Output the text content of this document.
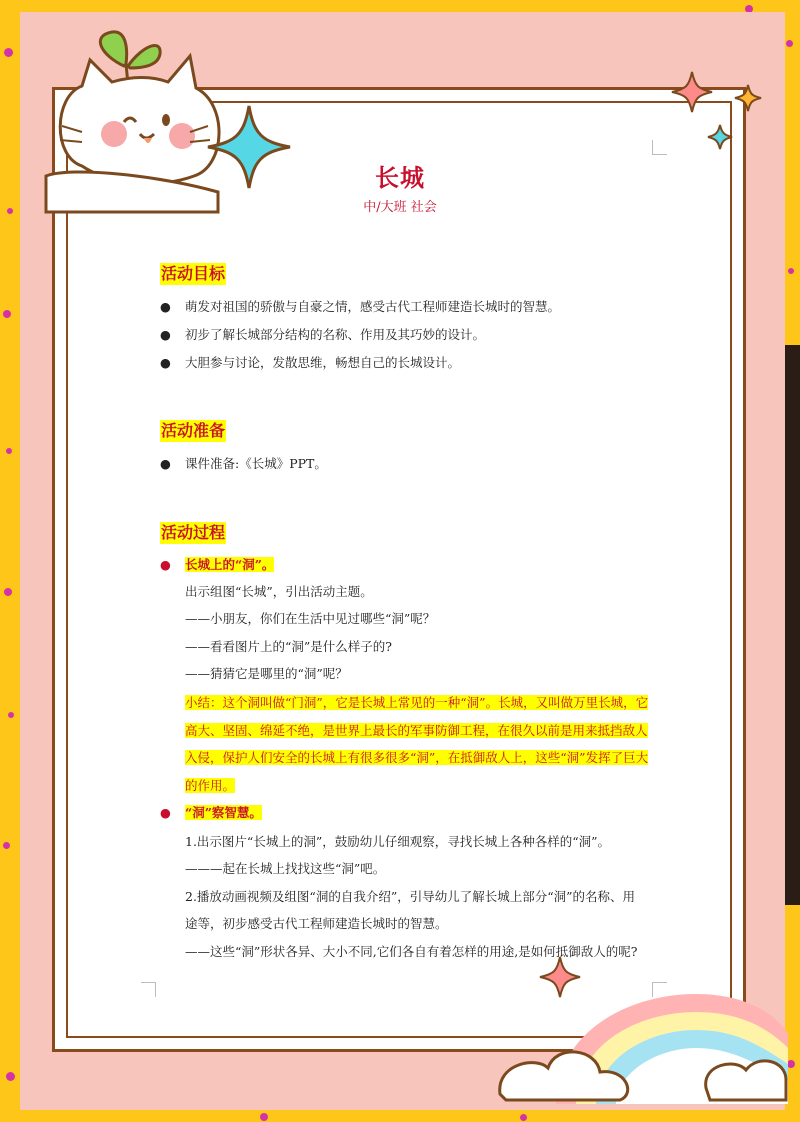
长城
中/大班 社会
活动目标
● 萌发对祖国的骄傲与自豪之情，感受古代工程师建造长城时的智慧。
● 初步了解长城部分结构的名称、作用及其巧妙的设计。
● 大胆参与讨论，发散思维，畅想自己的长城设计。
活动准备
● 课件准备:《长城》PPT。
活动过程
● 长城上的“洞”。
出示组图“长城”，引出活动主题。
——小朋友，你们在生活中见过哪些“洞”呢？
——看看图片上的“洞”是什么样子的?
——猜猜它是哪里的“洞”呢？
小结：这个洞叫做“门洞”，它是长城上常见的一种“洞”。长城，又叫做万里长城，它高大、坚固、绵延不绝，是世界上最长的军事防御工程，在很久以前是用来抵挡敌人入侵，保护人们安全的长城上有很多很多“洞”，在抵御敌人上，这些“洞”发挥了巨大的作用。
● “洞”察智慧。
1.出示图片“长城上的洞”，鼓励幼儿仔细观察，寻找长城上各种各样的“洞”。
———起在长城上找找这些“洞”吧。
2.播放动画视频及组图“洞的自我介绍”，引导幼儿了解长城上部分“洞”的名称、用
途等，初步感受古代工程师建造长城时的智慧。
——这些“洞”形状各异、大小不同,它们各自有着怎样的用途,是如何抵御敌人的呢?
